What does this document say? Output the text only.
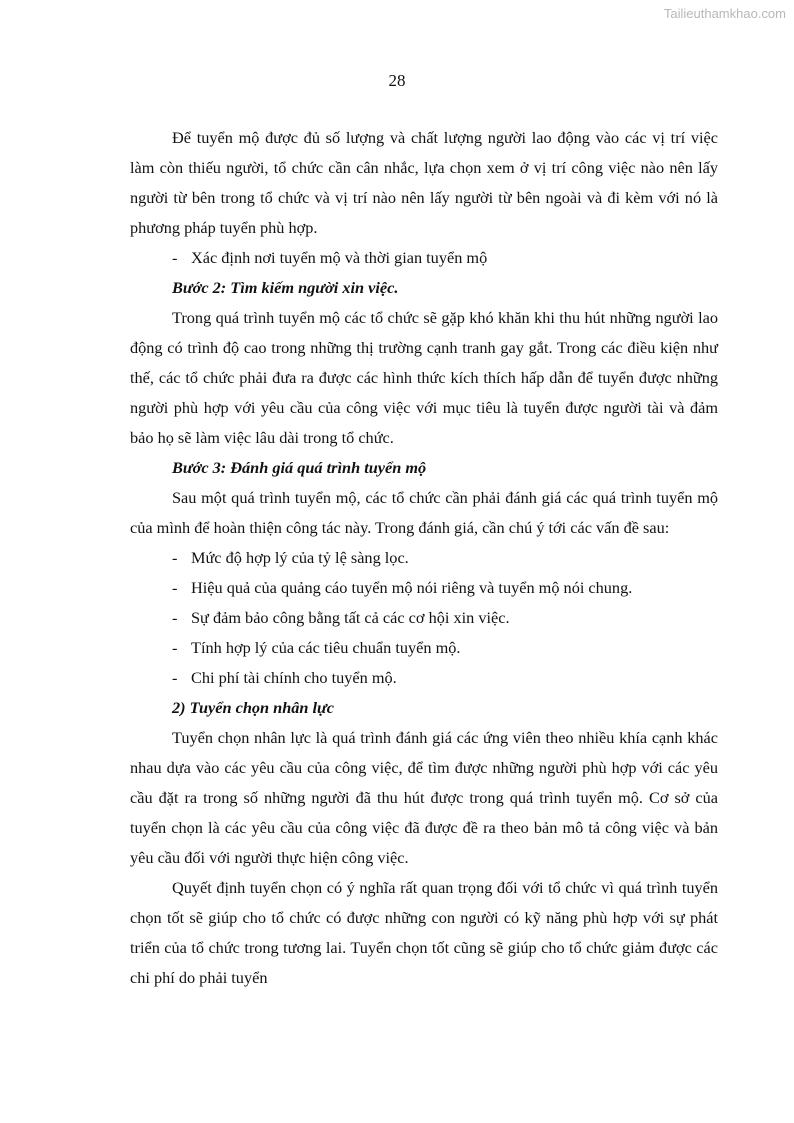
Tailieuthamkhao.com
28

Để tuyển mộ được đủ số lượng và chất lượng người lao động vào các vị trí việc làm còn thiếu người, tổ chức cần cân nhắc, lựa chọn xem ở vị trí công việc nào nên lấy người từ bên trong tổ chức và vị trí nào nên lấy người từ bên ngoài và đi kèm với nó là phương pháp tuyển phù hợp.

- Xác định nơi tuyển mộ và thời gian tuyển mộ

Bước 2: Tìm kiếm người xin việc.

Trong quá trình tuyển mộ các tổ chức sẽ gặp khó khăn khi thu hút những người lao động có trình độ cao trong những thị trường cạnh tranh gay gắt. Trong các điều kiện như thế, các tổ chức phải đưa ra được các hình thức kích thích hấp dẫn để tuyển được những người phù hợp với yêu cầu của công việc với mục tiêu là tuyển được người tài và đảm bảo họ sẽ làm việc lâu dài trong tổ chức.

Bước 3: Đánh giá quá trình tuyển mộ

Sau một quá trình tuyển mộ, các tổ chức cần phải đánh giá các quá trình tuyển mộ của mình để hoàn thiện công tác này. Trong đánh giá, cần chú ý tới các vấn đề sau:

- Mức độ hợp lý của tỷ lệ sàng lọc.

- Hiệu quả của quảng cáo tuyển mộ nói riêng và tuyển mộ nói chung.

- Sự đảm bảo công bằng tất cả các cơ hội xin việc.

- Tính hợp lý của các tiêu chuẩn tuyển mộ.

- Chi phí tài chính cho tuyển mộ.

2) Tuyển chọn nhân lực

Tuyển chọn nhân lực là quá trình đánh giá các ứng viên theo nhiều khía cạnh khác nhau dựa vào các yêu cầu của công việc, để tìm được những người phù hợp với các yêu cầu đặt ra trong số những người đã thu hút được trong quá trình tuyển mộ. Cơ sở của tuyển chọn là các yêu cầu của công việc đã được đề ra theo bản mô tả công việc và bản yêu cầu đối với người thực hiện công việc.

Quyết định tuyển chọn có ý nghĩa rất quan trọng đối với tổ chức vì quá trình tuyển chọn tốt sẽ giúp cho tổ chức có được những con người có kỹ năng phù hợp với sự phát triển của tổ chức trong tương lai. Tuyển chọn tốt cũng sẽ giúp cho tổ chức giảm được các chi phí do phải tuyển
